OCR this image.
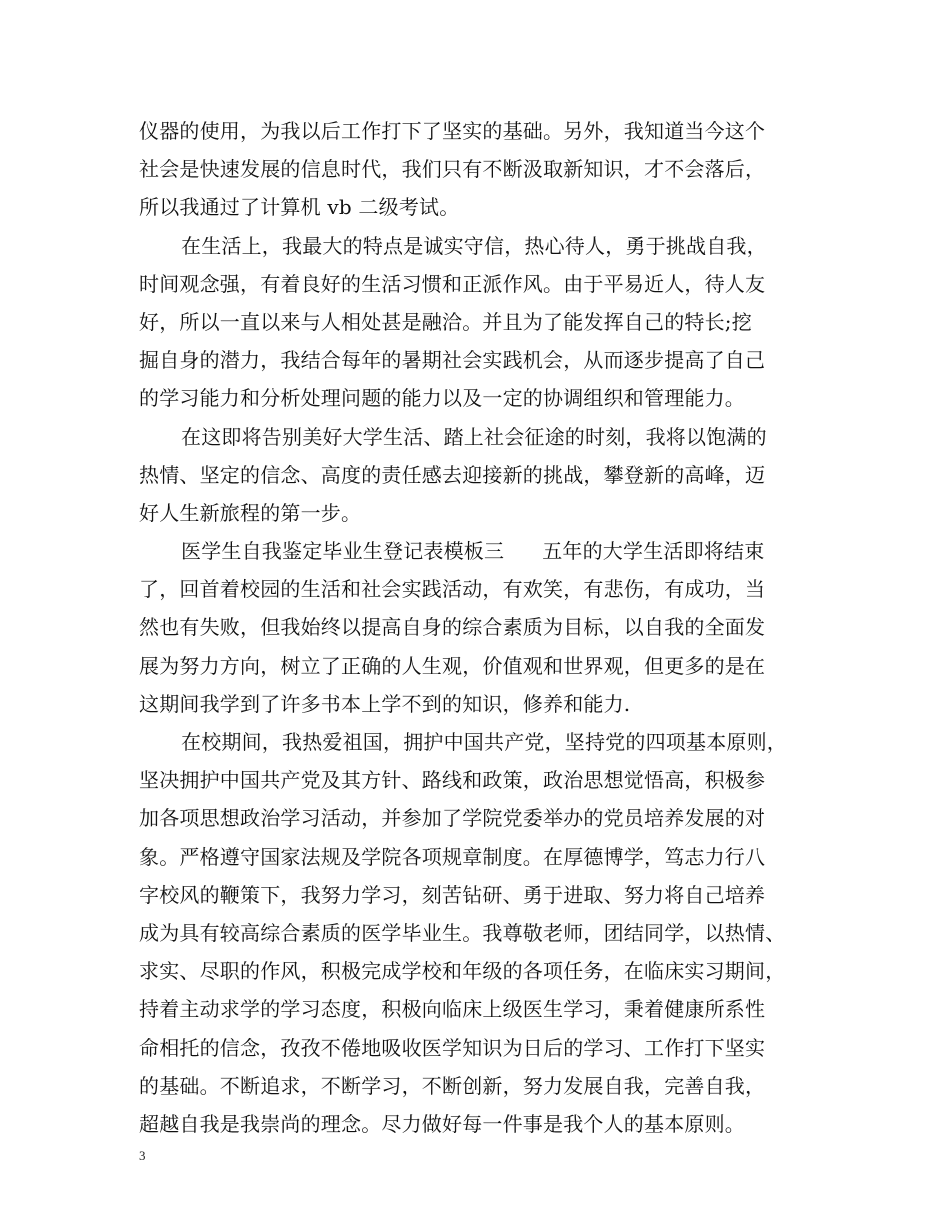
仪器的使用，为我以后工作打下了坚实的基础。另外，我知道当今这个
社会是快速发展的信息时代，我们只有不断汲取新知识，才不会落后，
所以我通过了计算机 vb 二级考试。
在生活上，我最大的特点是诚实守信，热心待人，勇于挑战自我，
时间观念强，有着良好的生活习惯和正派作风。由于平易近人，待人友
好，所以一直以来与人相处甚是融洽。并且为了能发挥自己的特长;挖
掘自身的潜力，我结合每年的暑期社会实践机会，从而逐步提高了自己
的学习能力和分析处理问题的能力以及一定的协调组织和管理能力。
在这即将告别美好大学生活、踏上社会征途的时刻，我将以饱满的
热情、坚定的信念、高度的责任感去迎接新的挑战，攀登新的高峰，迈
好人生新旅程的第一步。
医学生自我鉴定毕业生登记表模板三 五年的大学生活即将结束
了，回首着校园的生活和社会实践活动，有欢笑，有悲伤，有成功，当
然也有失败，但我始终以提高自身的综合素质为目标，以自我的全面发
展为努力方向，树立了正确的人生观，价值观和世界观，但更多的是在
这期间我学到了许多书本上学不到的知识，修养和能力.
在校期间，我热爱祖国，拥护中国共产党，坚持党的四项基本原则，
坚决拥护中国共产党及其方针、路线和政策，政治思想觉悟高，积极参
加各项思想政治学习活动，并参加了学院党委举办的党员培养发展的对
象。严格遵守国家法规及学院各项规章制度。在厚德博学，笃志力行八
字校风的鞭策下，我努力学习，刻苦钻研、勇于进取、努力将自己培养
成为具有较高综合素质的医学毕业生。我尊敬老师，团结同学，以热情、
求实、尽职的作风，积极完成学校和年级的各项任务，在临床实习期间，
持着主动求学的学习态度，积极向临床上级医生学习，秉着健康所系性
命相托的信念，孜孜不倦地吸收医学知识为日后的学习、工作打下坚实
的基础。不断追求，不断学习，不断创新，努力发展自我，完善自我，
超越自我是我崇尚的理念。尽力做好每一件事是我个人的基本原则。
3
